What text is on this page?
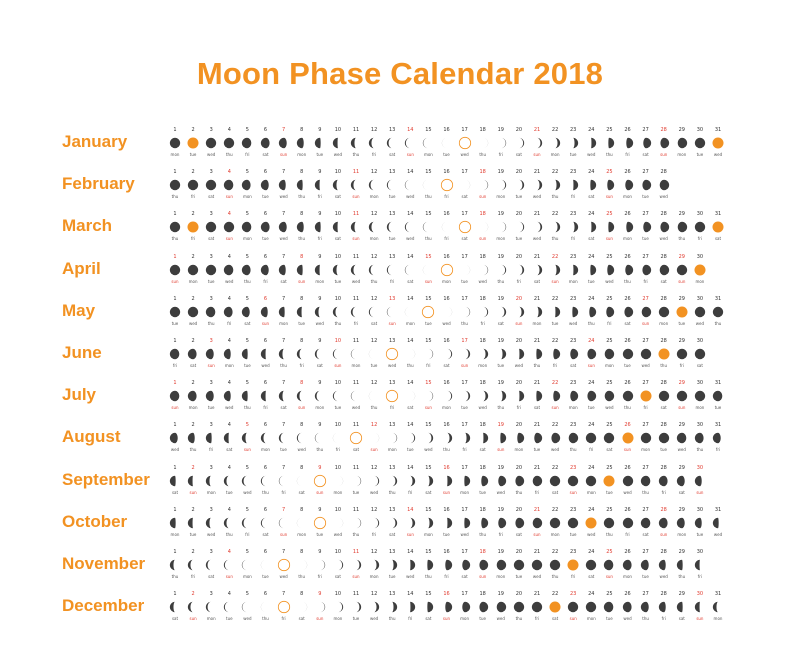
Moon Phase Calendar 2018
January
1
mon
2
tue
3
wed
4
thu
5
fri
6
sat
7
sun
8
mon
9
tue
10
wed
11
thu
12
fri
13
sat
14
sun
15
mon
16
tue
17
wed
18
thu
19
fri
20
sat
21
sun
22
mon
23
tue
24
wed
25
thu
26
fri
27
sat
28
sun
29
mon
30
tue
31
wed
February
1
thu
2
fri
3
sat
4
sun
5
mon
6
tue
7
wed
8
thu
9
fri
10
sat
11
sun
12
mon
13
tue
14
wed
15
thu
16
fri
17
sat
18
sun
19
mon
20
tue
21
wed
22
thu
23
fri
24
sat
25
sun
26
mon
27
tue
28
wed
March
1
thu
2
fri
3
sat
4
sun
5
mon
6
tue
7
wed
8
thu
9
fri
10
sat
11
sun
12
mon
13
tue
14
wed
15
thu
16
fri
17
sat
18
sun
19
mon
20
tue
21
wed
22
thu
23
fri
24
sat
25
sun
26
mon
27
tue
28
wed
29
thu
30
fri
31
sat
April
1
sun
2
mon
3
tue
4
wed
5
thu
6
fri
7
sat
8
sun
9
mon
10
tue
11
wed
12
thu
13
fri
14
sat
15
sun
16
mon
17
tue
18
wed
19
thu
20
fri
21
sat
22
sun
23
mon
24
tue
25
wed
26
thu
27
fri
28
sat
29
sun
30
mon
May
1
tue
2
wed
3
thu
4
fri
5
sat
6
sun
7
mon
8
tue
9
wed
10
thu
11
fri
12
sat
13
sun
14
mon
15
tue
16
wed
17
thu
18
fri
19
sat
20
sun
21
mon
22
tue
23
wed
24
thu
25
fri
26
sat
27
sun
28
mon
29
tue
30
wed
31
thu
June
1
fri
2
sat
3
sun
4
mon
5
tue
6
wed
7
thu
8
fri
9
sat
10
sun
11
mon
12
tue
13
wed
14
thu
15
fri
16
sat
17
sun
18
mon
19
tue
20
wed
21
thu
22
fri
23
sat
24
sun
25
mon
26
tue
27
wed
28
thu
29
fri
30
sat
July
1
sun
2
mon
3
tue
4
wed
5
thu
6
fri
7
sat
8
sun
9
mon
10
tue
11
wed
12
thu
13
fri
14
sat
15
sun
16
mon
17
tue
18
wed
19
thu
20
fri
21
sat
22
sun
23
mon
24
tue
25
wed
26
thu
27
fri
28
sat
29
sun
30
mon
31
tue
August
1
wed
2
thu
3
fri
4
sat
5
sun
6
mon
7
tue
8
wed
9
thu
10
fri
11
sat
12
sun
13
mon
14
tue
15
wed
16
thu
17
fri
18
sat
19
sun
20
mon
21
tue
22
wed
23
thu
24
fri
25
sat
26
sun
27
mon
28
tue
29
wed
30
thu
31
fri
September
1
sat
2
sun
3
mon
4
tue
5
wed
6
thu
7
fri
8
sat
9
sun
10
mon
11
tue
12
wed
13
thu
14
fri
15
sat
16
sun
17
mon
18
tue
19
wed
20
thu
21
fri
22
sat
23
sun
24
mon
25
tue
26
wed
27
thu
28
fri
29
sat
30
sun
October
1
mon
2
tue
3
wed
4
thu
5
fri
6
sat
7
sun
8
mon
9
tue
10
wed
11
thu
12
fri
13
sat
14
sun
15
mon
16
tue
17
wed
18
thu
19
fri
20
sat
21
sun
22
mon
23
tue
24
wed
25
thu
26
fri
27
sat
28
sun
29
mon
30
tue
31
wed
November
1
thu
2
fri
3
sat
4
sun
5
mon
6
tue
7
wed
8
thu
9
fri
10
sat
11
sun
12
mon
13
tue
14
wed
15
thu
16
fri
17
sat
18
sun
19
mon
20
tue
21
wed
22
thu
23
fri
24
sat
25
sun
26
mon
27
tue
28
wed
29
thu
30
fri
December
1
sat
2
sun
3
mon
4
tue
5
wed
6
thu
7
fri
8
sat
9
sun
10
mon
11
tue
12
wed
13
thu
14
fri
15
sat
16
sun
17
mon
18
tue
19
wed
20
thu
21
fri
22
sat
23
sun
24
mon
25
tue
26
wed
27
thu
28
fri
29
sat
30
sun
31
mon
